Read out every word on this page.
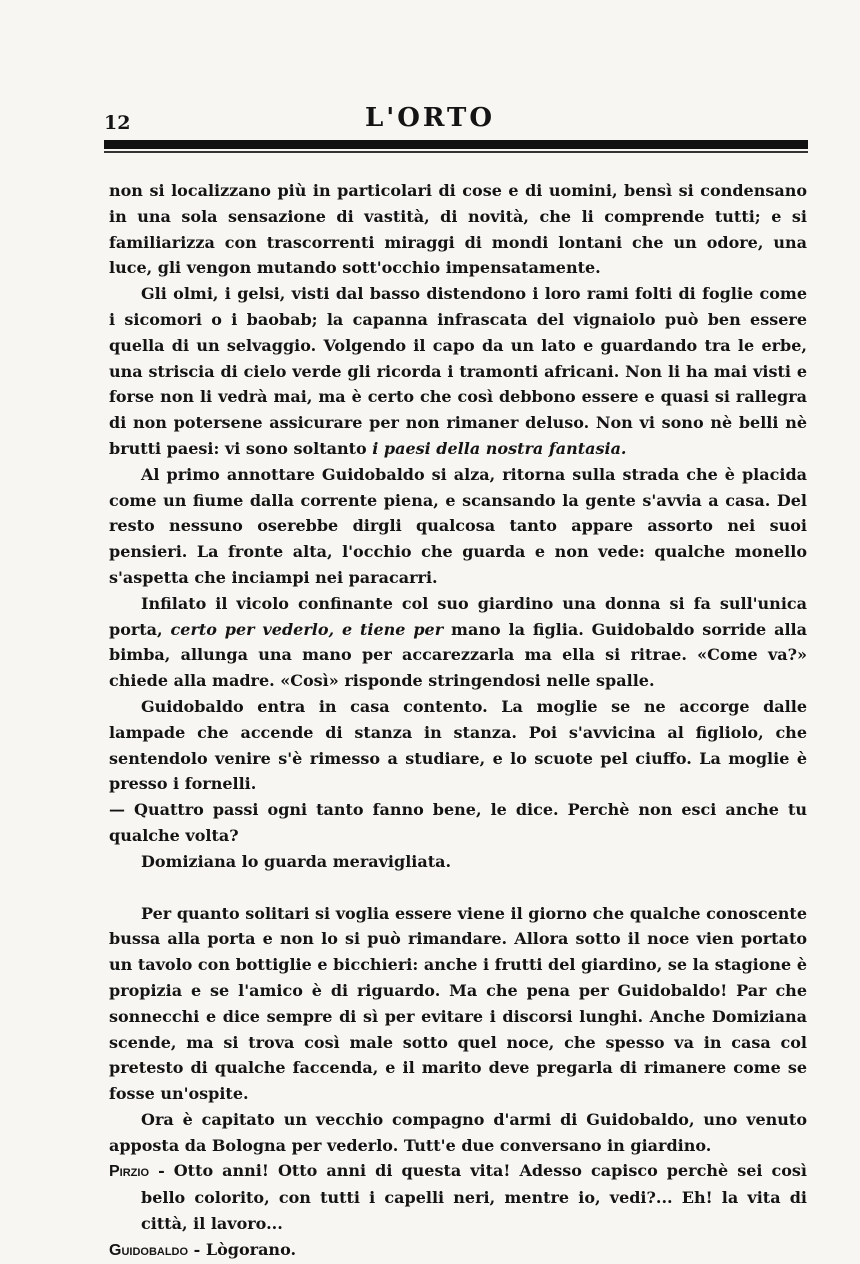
12	L'ORTO

non si localizzano più in particolari di cose e di uomini, bensì si condensano in una sola sensazione di vastità, di novità, che li comprende tutti; e si familiarizza con trascorrenti miraggi di mondi lontani che un odore, una luce, gli vengon mutando sott'occhio impensatamente.

Gli olmi, i gelsi, visti dal basso distendono i loro rami folti di foglie come i sicomori o i baobab; la capanna infrascata del vignaiolo può ben essere quella di un selvaggio. Volgendo il capo da un lato e guardando tra le erbe, una striscia di cielo verde gli ricorda i tramonti africani. Non li ha mai visti e forse non li vedrà mai, ma è certo che così debbono essere e quasi si rallegra di non potersene assicurare per non rimaner deluso. Non vi sono nè belli nè brutti paesi: vi sono soltanto i paesi della nostra fantasia.

Al primo annottare Guidobaldo si alza, ritorna sulla strada che è placida come un fiume dalla corrente piena, e scansando la gente s'avvia a casa. Del resto nessuno oserebbe dirgli qualcosa tanto appare assorto nei suoi pensieri. La fronte alta, l'occhio che guarda e non vede: qualche monello s'aspetta che inciampi nei paracarri.

Infilato il vicolo confinante col suo giardino una donna si fa sull'unica porta, certo per vederlo, e tiene per mano la figlia. Guidobaldo sorride alla bimba, allunga una mano per accarezzarla ma ella si ritrae. «Come va?» chiede alla madre. «Così» risponde stringendosi nelle spalle.

Guidobaldo entra in casa contento. La moglie se ne accorge dalle lampade che accende di stanza in stanza. Poi s'avvicina al figliolo, che sentendolo venire s'è rimesso a studiare, e lo scuote pel ciuffo. La moglie è presso i fornelli.

— Quattro passi ogni tanto fanno bene, le dice. Perchè non esci anche tu qualche volta?

Domiziana lo guarda meravigliata.

Per quanto solitari si voglia essere viene il giorno che qualche conoscente bussa alla porta e non lo si può rimandare. Allora sotto il noce vien portato un tavolo con bottiglie e bicchieri: anche i frutti del giardino, se la stagione è propizia e se l'amico è di riguardo. Ma che pena per Guidobaldo! Par che sonnecchi e dice sempre di sì per evitare i discorsi lunghi. Anche Domiziana scende, ma si trova così male sotto quel noce, che spesso va in casa col pretesto di qualche faccenda, e il marito deve pregarla di rimanere come se fosse un'ospite.

Ora è capitato un vecchio compagno d'armi di Guidobaldo, uno venuto apposta da Bologna per vederlo. Tutt'e due conversano in giardino.

Pirzio - Otto anni! Otto anni di questa vita! Adesso capisco perchè sei così bello colorito, con tutti i capelli neri, mentre io, vedi?... Eh! la vita di città, il lavoro...

Guidobaldo - Lògorano.
